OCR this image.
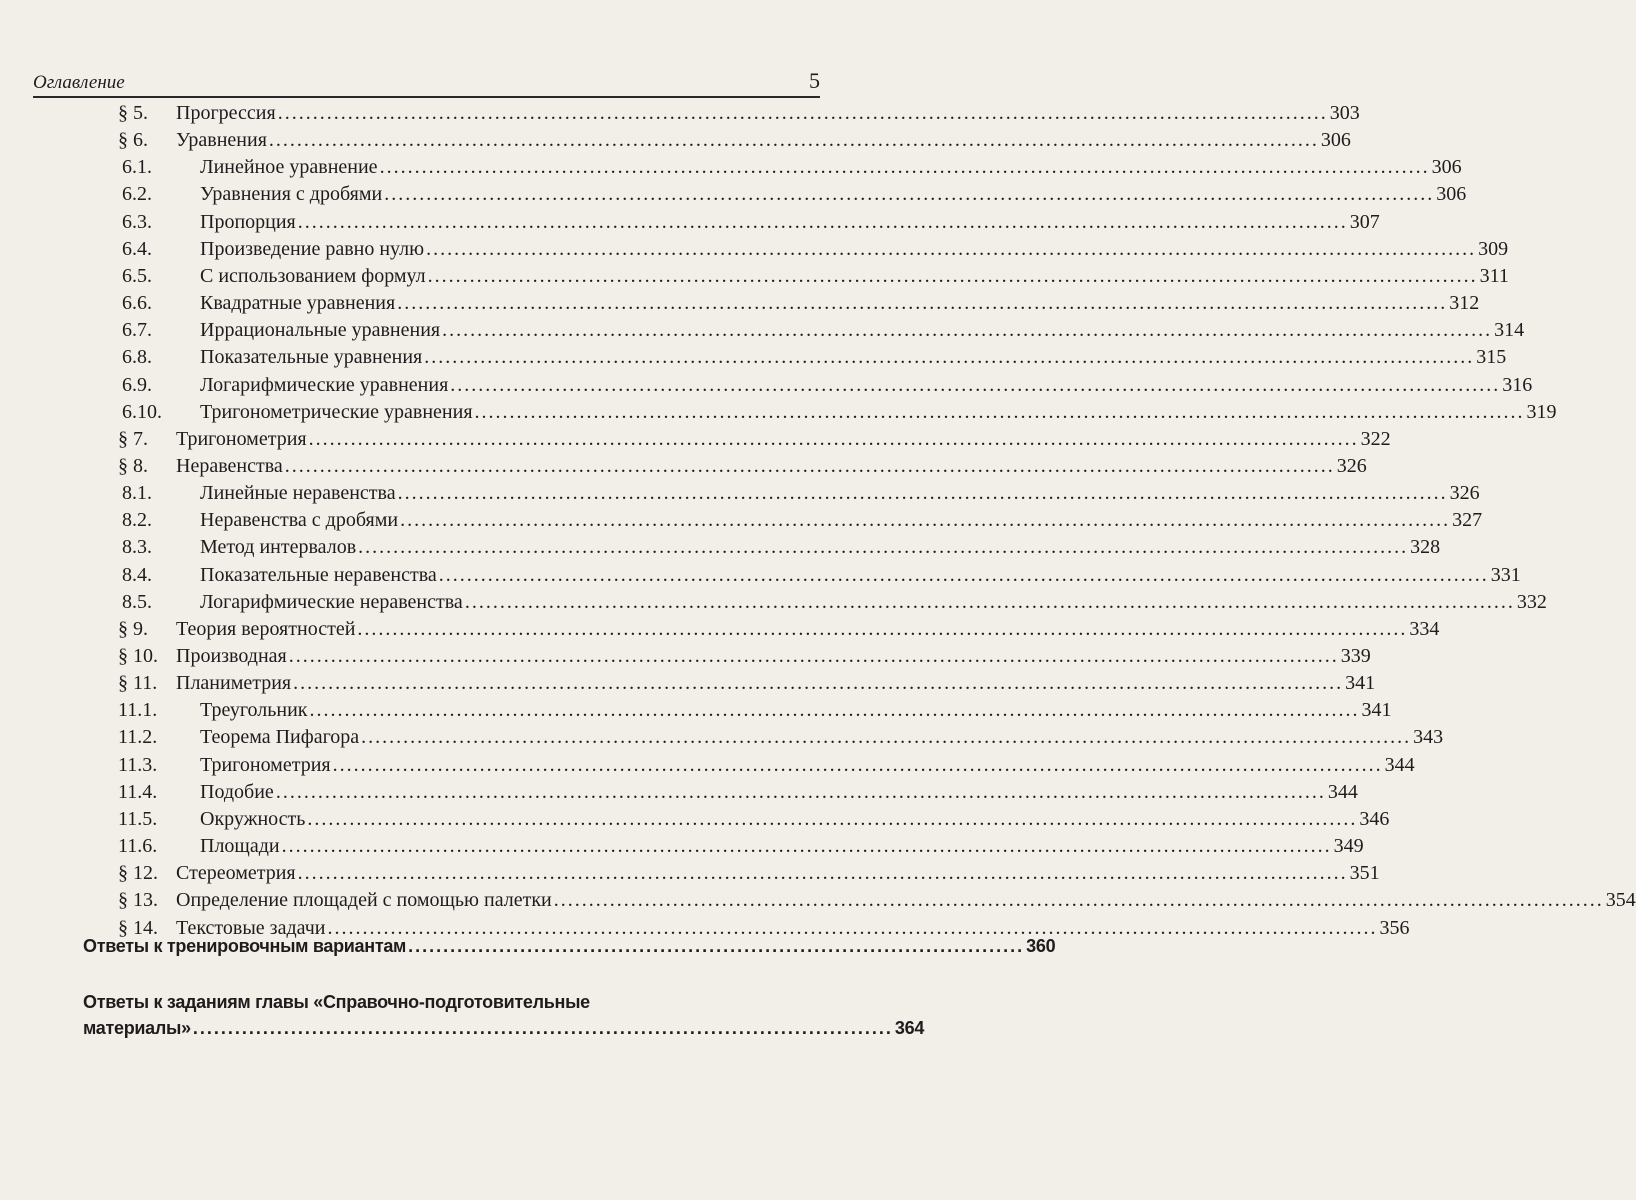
Оглавление	5
§ 5. Прогрессия ...................................................................................................................................................... 303
§ 6. Уравнения ...................................................................................................................................................... 306
6.1. Линейное уравнение ...................................................................................................................................................... 306
6.2. Уравнения с дробями ...................................................................................................................................................... 306
6.3. Пропорция ...................................................................................................................................................... 307
6.4. Произведение равно нулю ...................................................................................................................................................... 309
6.5. С использованием формул ...................................................................................................................................................... 311
6.6. Квадратные уравнения ...................................................................................................................................................... 312
6.7. Иррациональные уравнения ...................................................................................................................................................... 314
6.8. Показательные уравнения ...................................................................................................................................................... 315
6.9. Логарифмические уравнения ...................................................................................................................................................... 316
6.10. Тригонометрические уравнения ...................................................................................................................................................... 319
§ 7. Тригонометрия ...................................................................................................................................................... 322
§ 8. Неравенства ...................................................................................................................................................... 326
8.1. Линейные неравенства ...................................................................................................................................................... 326
8.2. Неравенства с дробями ...................................................................................................................................................... 327
8.3. Метод интервалов ...................................................................................................................................................... 328
8.4. Показательные неравенства ...................................................................................................................................................... 331
8.5. Логарифмические неравенства ...................................................................................................................................................... 332
§ 9. Теория вероятностей ...................................................................................................................................................... 334
§ 10. Производная ...................................................................................................................................................... 339
§ 11. Планиметрия ...................................................................................................................................................... 341
11.1. Треугольник ...................................................................................................................................................... 341
11.2. Теорема Пифагора ...................................................................................................................................................... 343
11.3. Тригонометрия ...................................................................................................................................................... 344
11.4. Подобие ...................................................................................................................................................... 344
11.5. Окружность ...................................................................................................................................................... 346
11.6. Площади ...................................................................................................................................................... 349
§ 12. Стереометрия ...................................................................................................................................................... 351
§ 13. Определение площадей с помощью палетки ...................................................................................................................................................... 354
§ 14. Текстовые задачи ...................................................................................................................................................... 356
Ответы к тренировочным вариантам ........................................................................................ 360
Ответы к заданиям главы «Справочно-подготовительные
материалы» .................................................................................................... 364
